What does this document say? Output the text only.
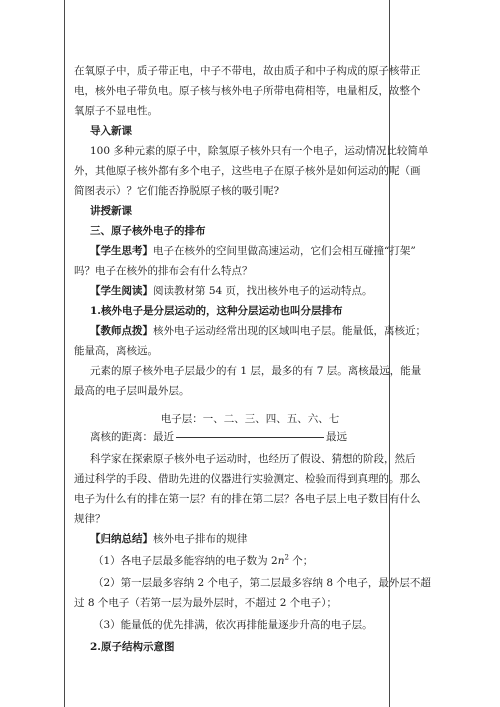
在氧原子中，质子带正电，中子不带电，故由质子和中子构成的原子核带正
电，核外电子带负电。原子核与核外电子所带电荷相等，电量相反，故整个
氧原子不显电性。
导入新课
100 多种元素的原子中，除氢原子核外只有一个电子，运动情况比较简单
外，其他原子核外都有多个电子，这些电子在原子核外是如何运动的呢（画
简图表示）？它们能否挣脱原子核的吸引呢?
讲授新课
三、原子核外电子的排布
【学生思考】电子在核外的空间里做高速运动，它们会相互碰撞“打架”
吗？电子在核外的排布会有什么特点？
【学生阅读】阅读教材第 54 页，找出核外电子的运动特点。
1.核外电子是分层运动的，这种分层运动也叫分层排布
【教师点拨】核外电子运动经常出现的区域叫电子层。能量低，离核近；
能量高，离核远。
元素的原子核外电子层最少的有 1 层，最多的有 7 层。离核最远，能量
最高的电子层叫最外层。
电子层：一、二、三、四、五、六、七
离核的距离：最近	最远
科学家在探索原子核外电子运动时，也经历了假设、猜想的阶段，然后
通过科学的手段、借助先进的仪器进行实验测定、检验而得到真理的。那么
电子为什么有的排在第一层？有的排在第二层？各电子层上电子数目有什么
规律？
【归纳总结】核外电子排布的规律
（1）各电子层最多能容纳的电子数为 $2n^2$ 个；
（2）第一层最多容纳 2 个电子，第二层最多容纳 8 个电子，最外层不超
过 8 个电子（若第一层为最外层时，不超过 2 个电子）；
（3）能量低的优先排满，依次再排能量逐步升高的电子层。
2.原子结构示意图
